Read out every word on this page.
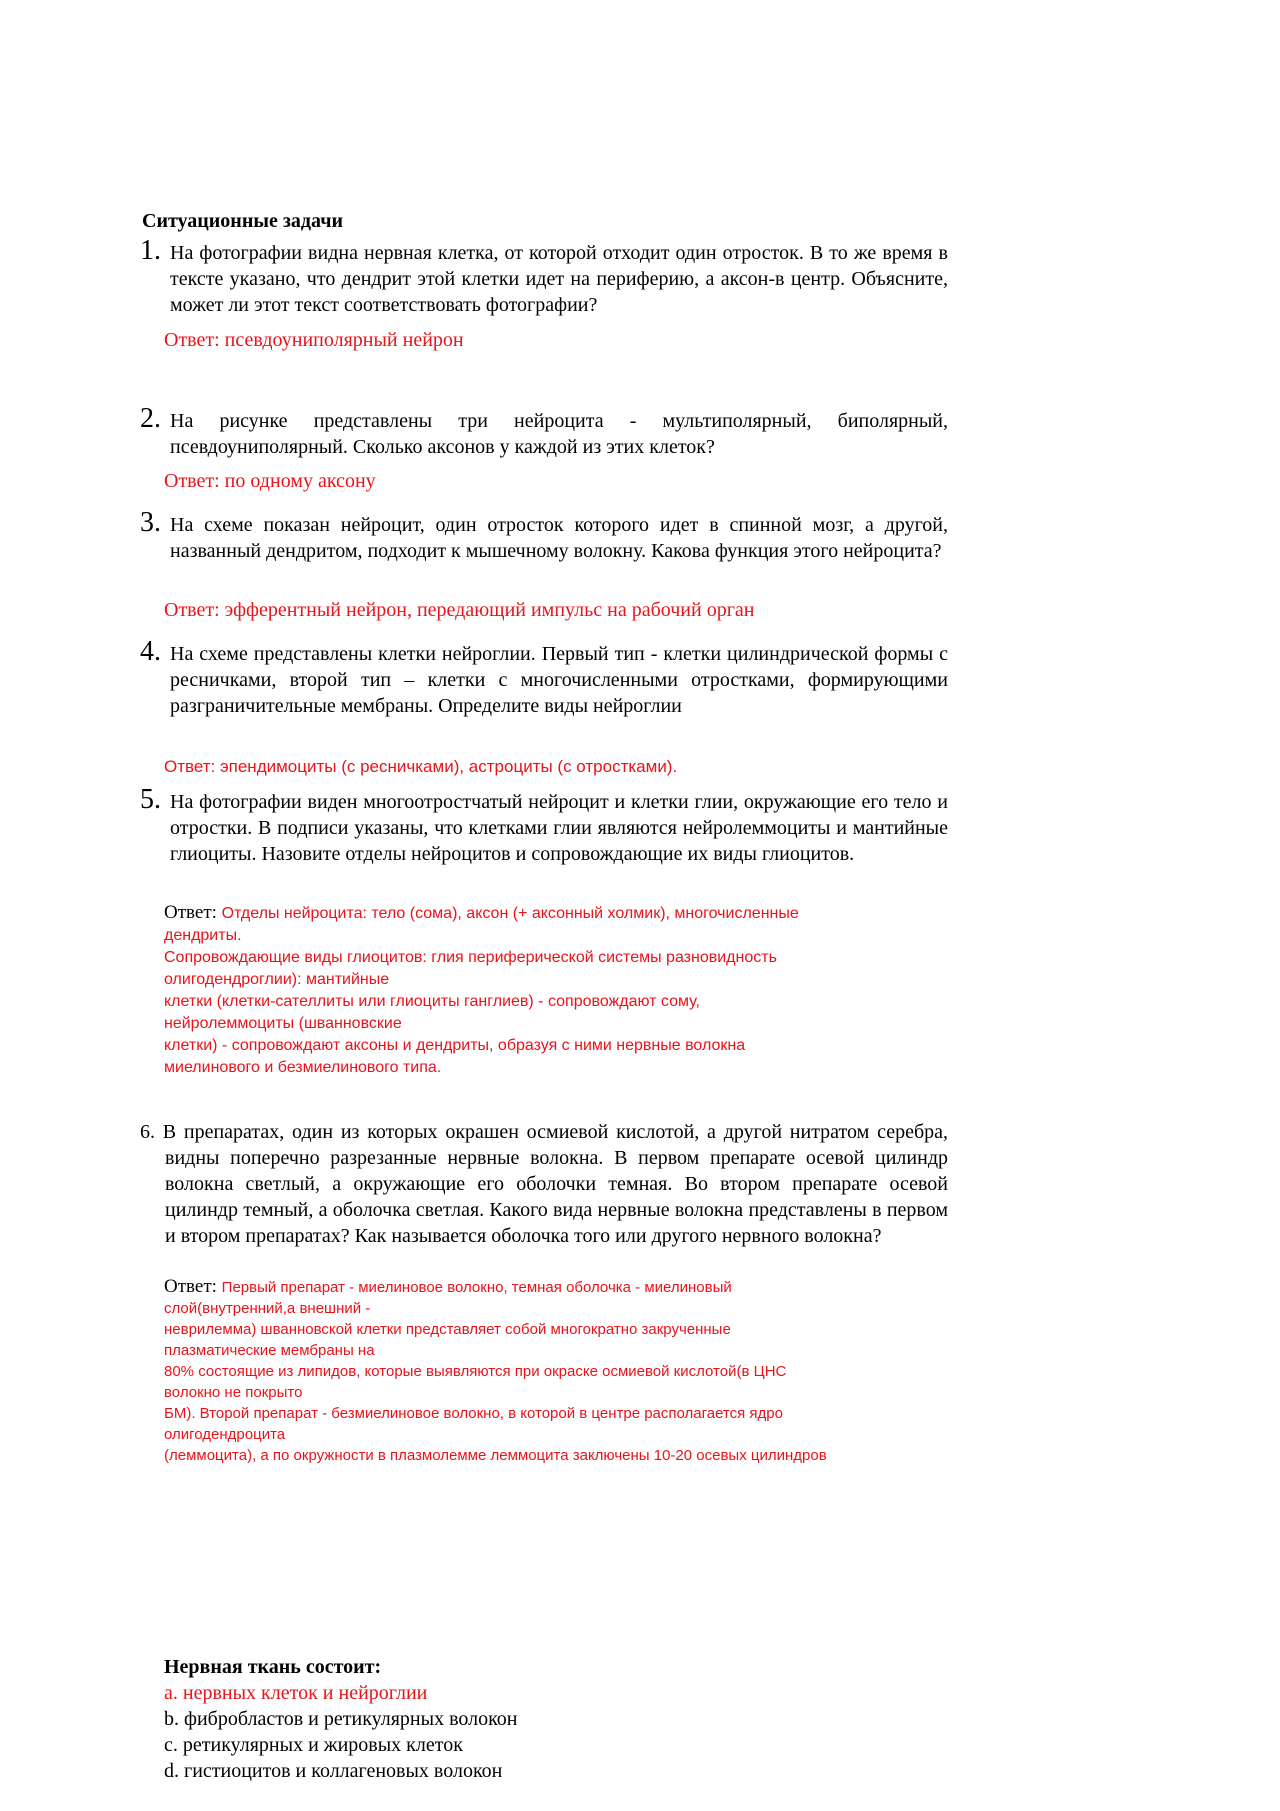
Ситуационные задачи
1. На фотографии видна нервная клетка, от которой отходит один отросток. В то же время в тексте указано, что дендрит этой клетки идет на периферию, а аксон-в центр. Объясните, может ли этот текст соответствовать фотографии?
Ответ: псевдоуниполярный нейрон
2. На рисунке представлены три нейроцита - мультиполярный, биполярный, псевдоуниполярный. Сколько аксонов у каждой из этих клеток?
Ответ: по одному аксону
3. На схеме показан нейроцит, один отросток которого идет в спинной мозг, а другой, названный дендритом, подходит к мышечному волокну. Какова функция этого нейроцита?
Ответ: эфферентный нейрон, передающий импульс на рабочий орган
4. На схеме представлены клетки нейроглии. Первый тип - клетки цилиндрической формы с ресничками, второй тип – клетки с многочисленными отростками, формирующими разграничительные мембраны. Определите виды нейроглии
Ответ: эпендимоциты (с ресничками), астроциты (с отростками).
5. На фотографии виден многоотростчатый нейроцит и клетки глии, окружающие его тело и отростки. В подписи указаны, что клетками глии являются нейролеммоциты и мантийные глиоциты. Назовите отделы нейроцитов и сопровождающие их виды глиоцитов.
Ответ: Отделы нейроцита: тело (сома), аксон (+ аксонный холмик), многочисленные
дендриты.
Сопровождающие виды глиоцитов: глия периферической системы разновидность
олигодендроглии): мантийные
клетки (клетки-сателлиты или глиоциты ганглиев) - сопровождают сому,
нейролеммоциты (шванновские
клетки) - сопровождают аксоны и дендриты, образуя с ними нервные волокна
миелинового и безмиелинового типа.
6. В препаратах, один из которых окрашен осмиевой кислотой, а другой нитратом серебра, видны поперечно разрезанные нервные волокна. В первом препарате осевой цилиндр волокна светлый, а окружающие его оболочки темная. Во втором препарате осевой цилиндр темный, а оболочка светлая. Какого вида нервные волокна представлены в первом и втором препаратах? Как называется оболочка того или другого нервного волокна?
Ответ: Первый препарат - миелиновое волокно, темная оболочка - миелиновый
слой(внутренний,а внешний -
неврилемма) шванновской клетки представляет собой многократно закрученные
плазматические мембраны на
80% состоящие из липидов, которые выявляются при окраске осмиевой кислотой(в ЦНС
волокно не покрыто
БМ). Второй препарат - безмиелиновое волокно, в которой в центре располагается ядро
олигодендроцита
(леммоцита), а по окружности в плазмолемме леммоцита заключены 10-20 осевых цилиндров
Нервная ткань состоит:
a. нервных клеток и нейроглии
b. фибробластов и ретикулярных волокон
c. ретикулярных и жировых клеток
d. гистиоцитов и коллагеновых волокон
